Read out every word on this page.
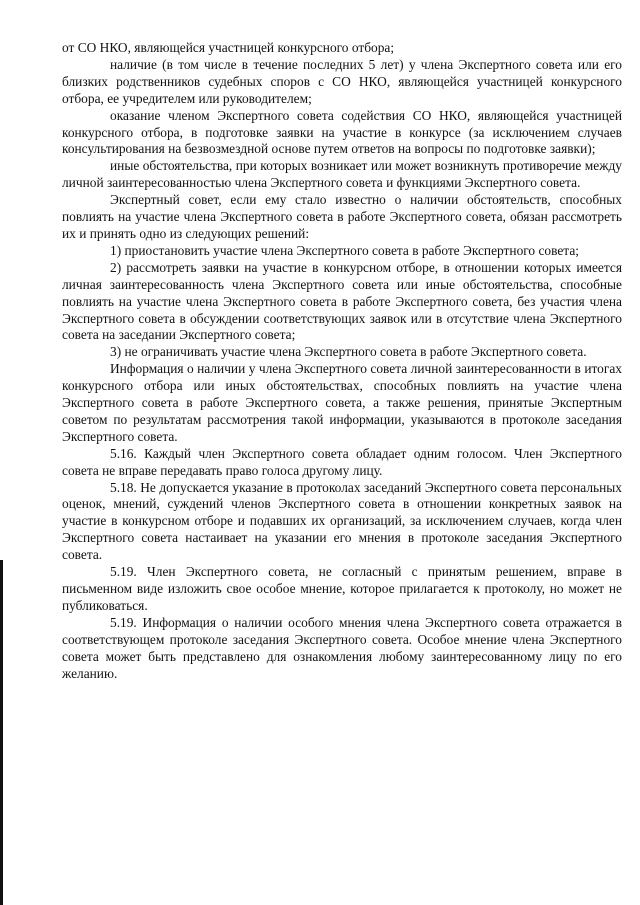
от СО НКО, являющейся участницей конкурсного отбора;

наличие (в том числе в течение последних 5 лет) у члена Экспертного совета или его близких родственников судебных споров с СО НКО, являющейся участницей конкурсного отбора, ее учредителем или руководителем;

оказание членом Экспертного совета содействия СО НКО, являющейся участницей конкурсного отбора, в подготовке заявки на участие в конкурсе (за исключением случаев консультирования на безвозмездной основе путем ответов на вопросы по подготовке заявки);

иные обстоятельства, при которых возникает или может возникнуть противоречие между личной заинтересованностью члена Экспертного совета и функциями Экспертного совета.

Экспертный совет, если ему стало известно о наличии обстоятельств, способных повлиять на участие члена Экспертного совета в работе Экспертного совета, обязан рассмотреть их и принять одно из следующих решений:

1) приостановить участие члена Экспертного совета в работе Экспертного совета;

2) рассмотреть заявки на участие в конкурсном отборе, в отношении которых имеется личная заинтересованность члена Экспертного совета или иные обстоятельства, способные повлиять на участие члена Экспертного совета в работе Экспертного совета, без участия члена Экспертного совета в обсуждении соответствующих заявок или в отсутствие члена Экспертного совета на заседании Экспертного совета;

3) не ограничивать участие члена Экспертного совета в работе Экспертного совета.

Информация о наличии у члена Экспертного совета личной заинтересованности в итогах конкурсного отбора или иных обстоятельствах, способных повлиять на участие члена Экспертного совета в работе Экспертного совета, а также решения, принятые Экспертным советом по результатам рассмотрения такой информации, указываются в протоколе заседания Экспертного совета.

5.16. Каждый член Экспертного совета обладает одним голосом. Член Экспертного совета не вправе передавать право голоса другому лицу.

5.18. Не допускается указание в протоколах заседаний Экспертного совета персональных оценок, мнений, суждений членов Экспертного совета в отношении конкретных заявок на участие в конкурсном отборе и подавших их организаций, за исключением случаев, когда член Экспертного совета настаивает на указании его мнения в протоколе заседания Экспертного совета.

5.19. Член Экспертного совета, не согласный с принятым решением, вправе в письменном виде изложить свое особое мнение, которое прилагается к протоколу, но может не публиковаться.

5.19. Информация о наличии особого мнения члена Экспертного совета отражается в соответствующем протоколе заседания Экспертного совета. Особое мнение члена Экспертного совета может быть представлено для ознакомления любому заинтересованному лицу по его желанию.
